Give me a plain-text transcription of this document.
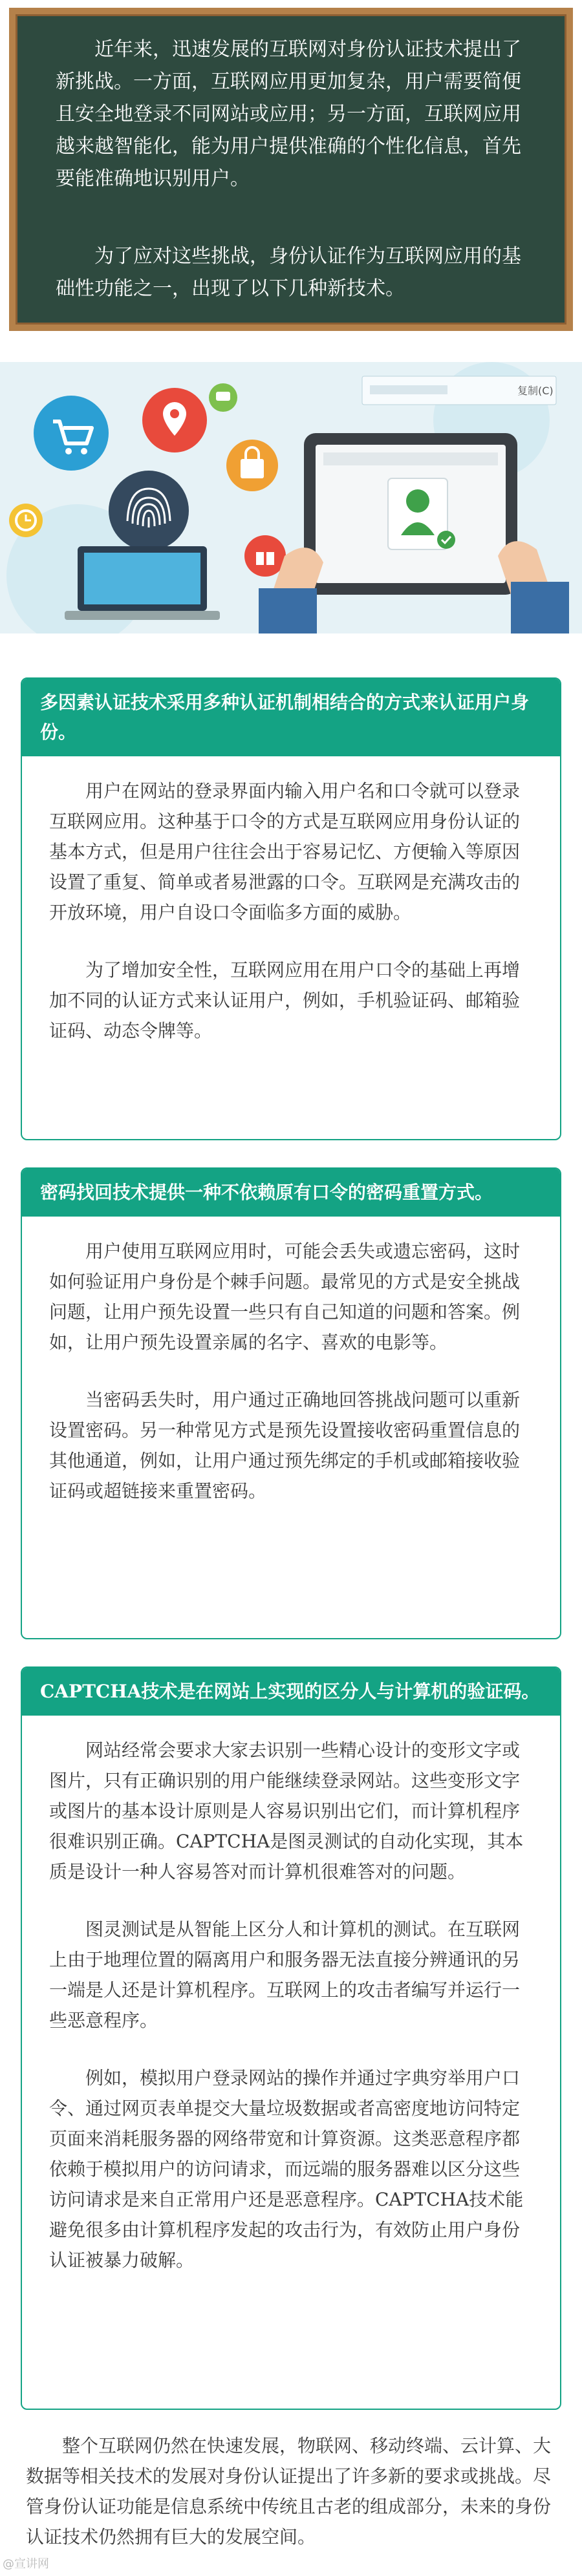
近年来，迅速发展的互联网对身份认证技术提出了新挑战。一方面，互联网应用更加复杂，用户需要简便且安全地登录不同网站或应用；另一方面，互联网应用越来越智能化，能为用户提供准确的个性化信息，首先要能准确地识别用户。

为了应对这些挑战，身份认证作为互联网应用的基础性功能之一，出现了以下几种新技术。

复制(C)
多因素认证技术采用多种认证机制相结合的方式来认证用户身份。

用户在网站的登录界面内输入用户名和口令就可以登录互联网应用。这种基于口令的方式是互联网应用身份认证的基本方式，但是用户往往会出于容易记忆、方便输入等原因设置了重复、简单或者易泄露的口令。互联网是充满攻击的开放环境，用户自设口令面临多方面的威胁。

为了增加安全性，互联网应用在用户口令的基础上再增加不同的认证方式来认证用户，例如，手机验证码、邮箱验证码、动态令牌等。

密码找回技术提供一种不依赖原有口令的密码重置方式。

用户使用互联网应用时，可能会丢失或遗忘密码，这时如何验证用户身份是个棘手问题。最常见的方式是安全挑战问题，让用户预先设置一些只有自己知道的问题和答案。例如，让用户预先设置亲属的名字、喜欢的电影等。

当密码丢失时，用户通过正确地回答挑战问题可以重新设置密码。另一种常见方式是预先设置接收密码重置信息的其他通道，例如，让用户通过预先绑定的手机或邮箱接收验证码或超链接来重置密码。

CAPTCHA技术是在网站上实现的区分人与计算机的验证码。

网站经常会要求大家去识别一些精心设计的变形文字或图片，只有正确识别的用户能继续登录网站。这些变形文字或图片的基本设计原则是人容易识别出它们，而计算机程序很难识别正确。CAPTCHA是图灵测试的自动化实现，其本质是设计一种人容易答对而计算机很难答对的问题。

图灵测试是从智能上区分人和计算机的测试。在互联网上由于地理位置的隔离用户和服务器无法直接分辨通讯的另一端是人还是计算机程序。互联网上的攻击者编写并运行一些恶意程序。

例如，模拟用户登录网站的操作并通过字典穷举用户口令、通过网页表单提交大量垃圾数据或者高密度地访问特定页面来消耗服务器的网络带宽和计算资源。这类恶意程序都依赖于模拟用户的访问请求，而远端的服务器难以区分这些访问请求是来自正常用户还是恶意程序。CAPTCHA技术能避免很多由计算机程序发起的攻击行为，有效防止用户身份认证被暴力破解。

整个互联网仍然在快速发展，物联网、移动终端、云计算、大数据等相关技术的发展对身份认证提出了许多新的要求或挑战。尽管身份认证功能是信息系统中传统且古老的组成部分，未来的身份认证技术仍然拥有巨大的发展空间。

@宣讲网
